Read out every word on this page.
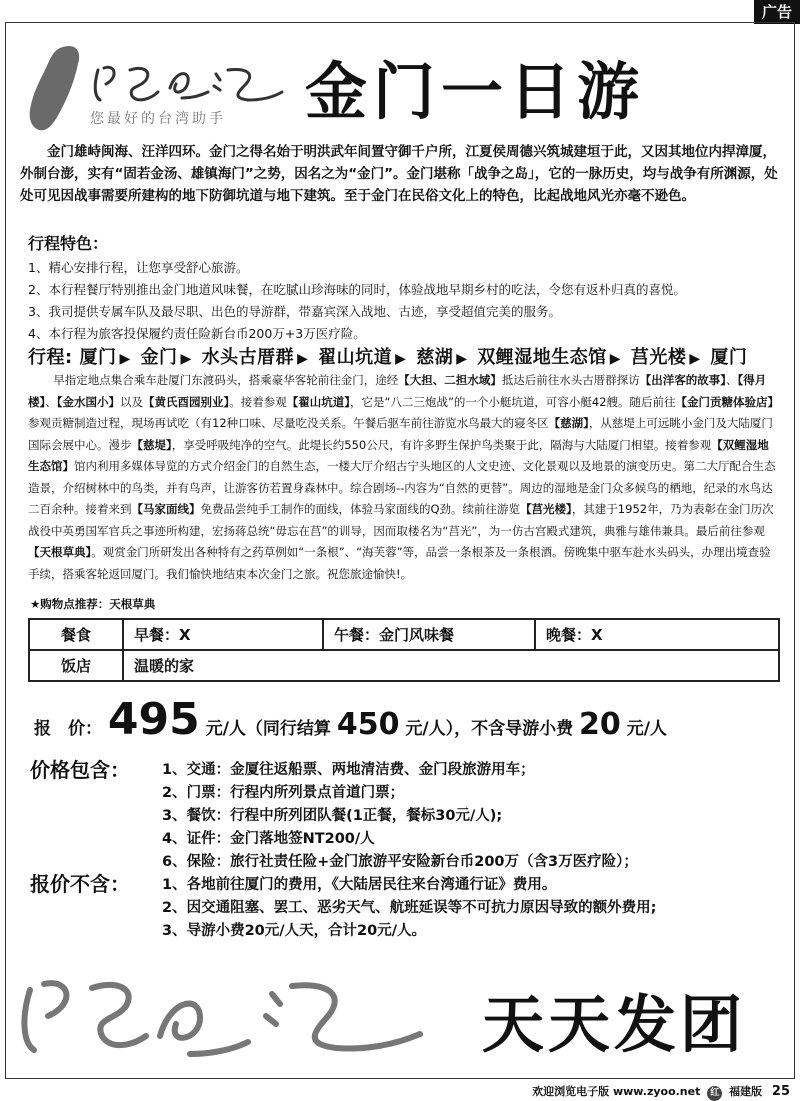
广告
您最好的台湾助手 金门一日游
金门雄峙闽海、汪洋四环。金门之得名始于明洪武年间置守御千户所，江夏侯周德兴筑城建垣于此，又因其地位内捍漳厦，外制台澎，实有“固若金汤、雄镇海门”之势，因名之为“金门”。金门堪称「战争之岛」，它的一脉历史，均与战争有所渊源，处处可见因战事需要所建构的地下防御坑道与地下建筑。至于金门在民俗文化上的特色，比起战地风光亦毫不逊色。
行程特色：
1、精心安排行程，让您享受舒心旅游。
2、本行程餐厅特别推出金门地道风味餐，在吃腻山珍海味的同时，体验战地早期乡村的吃法，令您有返朴归真的喜悦。
3、我司提供专属车队及最尽职、出色的导游群，带嘉宾深入战地、古迹，享受超值完美的服务。
4、本行程为旅客投保履约责任险新台币200万+3万医疗险。
行程: 厦门 ▶ 金门 ▶ 水头古厝群 ▶ 翟山坑道 ▶ 慈湖 ▶ 双鲤湿地生态馆 ▶ 莒光楼 ▶ 厦门
早指定地点集合乘车赴厦门东渡码头，搭乘豪华客轮前往金门，途经【大担、二担水域】抵达后前往水头古厝群探访【出洋客的故事】、【得月楼】、【金水国小】以及【黄氏酉园别业】。接着参观【翟山坑道】，它是“八二三炮战”的一个小艇坑道，可容小艇42艘。随后前往【金门贡糖体验店】参观贡糖制造过程，現场再试吃（有12种口味、尽量吃没关系。午餐后驱车前往游览水鸟最大的寝冬区【慈湖】，从慈堤上可远眺小金门及大陆厦门国际会展中心。漫步【慈堤】，享受呼吸纯净的空气。此堤长约550公尺，有许多野生保护鸟类聚于此，隔海与大陆厦门相望。接着参观【双鲤湿地生态馆】馆内利用多媒体导览的方式介绍金门的自然生态，一楼大厅介绍古宁头地区的人文史迹、文化景观以及地景的演变历史。第二大厅配合生态造景，介绍树林中的鸟类，并有鸟声，让游客彷若置身森林中。综合剧场--内容为“自然的更替”。周边的湿地是金门众多候鸟的栖地，纪录的水鸟达二百余种。接着来到【马家面线】免费品尝纯手工制作的面线，体验马家面线的Q劲。续前往游览【莒光楼】，其建于1952年，乃为表彰在金门历次战役中英勇国军官兵之事迹所构建，宏扬蒋总统“毋忘在莒”的训导，因而取楼名为“莒光”，为一仿古宫殿式建筑，典雅与雄伟兼具。最后前往参观【天根草典】。观赏金门所研发出各种特有之药草例如“一条根”、“海芙蓉”等，品尝一条根茶及一条根酒。傍晚集中驱车赴水头码头，办理出境查验手续，搭乘客轮返回厦门。我们愉快地结束本次金门之旅。祝您旅途愉快!。
★购物点推荐：天根草典
餐食	早餐：X	午餐：金门风味餐	晚餐：X
饭店	温暖的家		
报　价： 495 元/人（同行结算 450 元/人），不含导游小费 20 元/人
价格包含： 1、交通：金厦往返船票、两地清洁费、金门段旅游用车；
2、门票：行程内所列景点首道门票；
3、餐饮：行程中所列团队餐(1正餐，餐标30元/人);
4、证件：金门落地签NT200/人
6、保险：旅行社责任险+金门旅游平安险新台币200万（含3万医疗险）；
报价不含： 1、各地前往厦门的费用，《大陆居民往来台湾通行证》费用。
2、因交通阻塞、罢工、恶劣天气、航班延误等不可抗力原因导致的额外费用;
3、导游小费20元/人天，合计20元/人。
天天发团
欢迎浏览电子版 www.zyoo.net 红 福建版 25
